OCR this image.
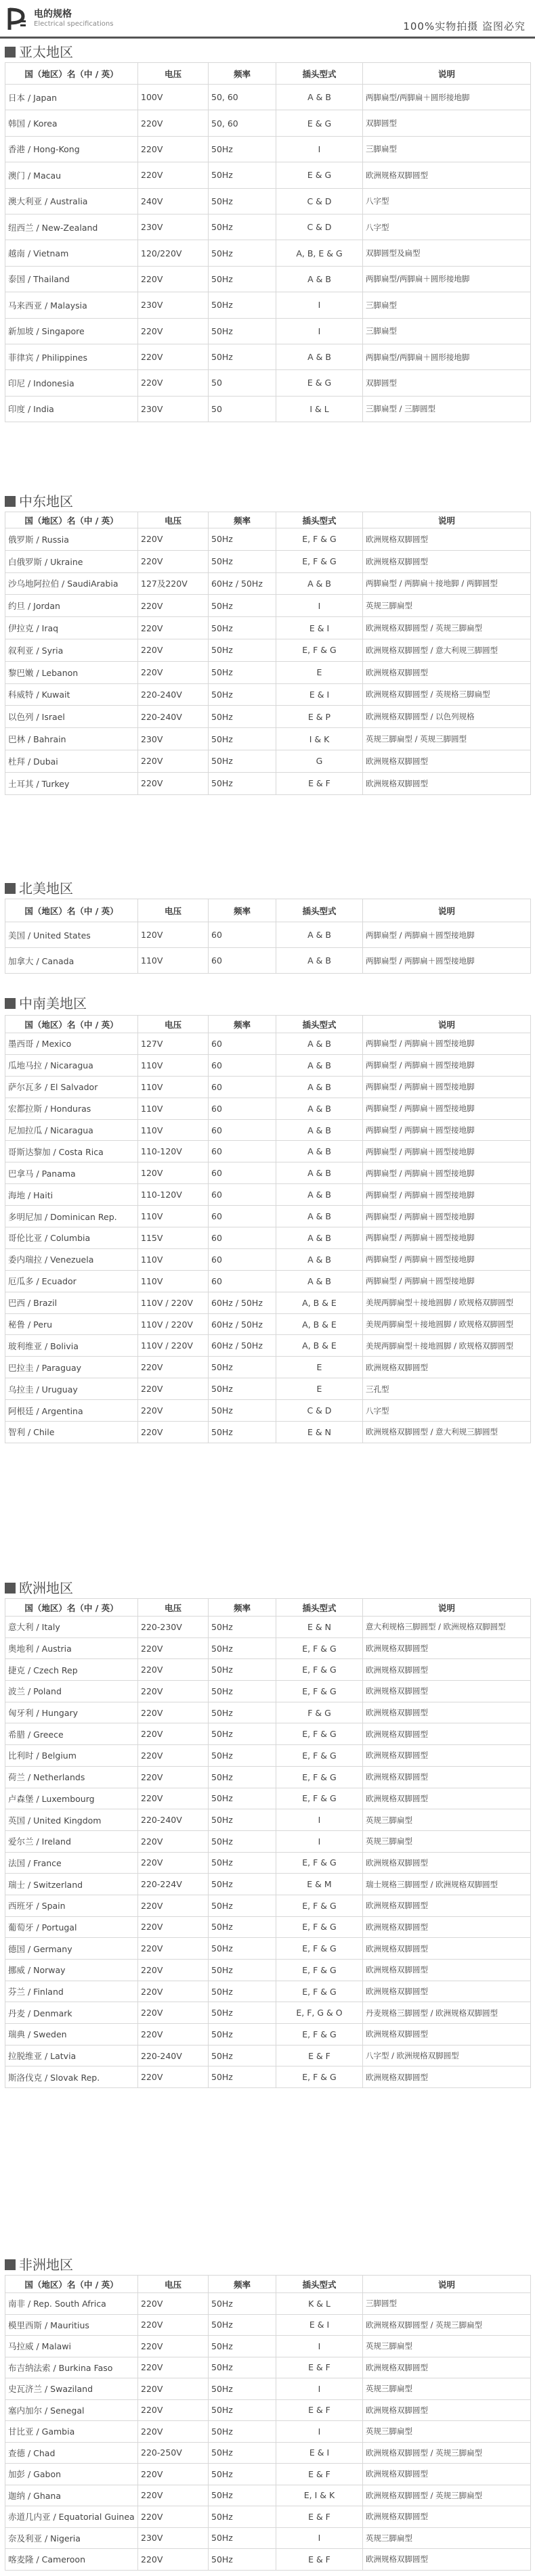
电的规格
Electrical specifications	100%实物拍摄 盗图必究
亚太地区
国（地区）名（中 / 英）	电压	频率	插头型式	说明
日本 / Japan	100V	50, 60	A & B	两脚扁型/两脚扁＋圆形接地脚
韩国 / Korea	220V	50, 60	E & G	双脚圆型
香港 / Hong-Kong	220V	50Hz	I	三脚扁型
澳门 / Macau	220V	50Hz	E & G	欧洲规格双脚圆型
澳大利亚 / Australia	240V	50Hz	C & D	八字型
纽西兰 / New-Zealand	230V	50Hz	C & D	八字型
越南 / Vietnam	120/220V	50Hz	A, B, E & G	双脚圆型及扁型
泰国 / Thailand	220V	50Hz	A & B	两脚扁型/两脚扁＋圆形接地脚
马来西亚 / Malaysia	230V	50Hz	I	三脚扁型
新加坡 / Singapore	220V	50Hz	I	三脚扁型
菲律宾 / Philippines	220V	50Hz	A & B	两脚扁型/两脚扁＋圆形接地脚
印尼 / Indonesia	220V	50	E & G	双脚圆型
印度 / India	230V	50	I & L	三脚扁型 / 三脚圆型
中东地区
国（地区）名（中 / 英）	电压	频率	插头型式	说明
俄罗斯 / Russia	220V	50Hz	E, F & G	欧洲规格双脚圆型
白俄罗斯 / Ukraine	220V	50Hz	E, F & G	欧洲规格双脚圆型
沙乌地阿拉伯 / SaudiArabia	127及220V	60Hz / 50Hz	A & B	两脚扁型 / 两脚扁＋接地脚 / 两脚圆型
约旦 / Jordan	220V	50Hz	I	英规三脚扁型
伊拉克 / Iraq	220V	50Hz	E & I	欧洲规格双脚圆型 / 英规三脚扁型
叙利亚 / Syria	220V	50Hz	E, F & G	欧洲规格双脚圆型 / 意大利规三脚圆型
黎巴嫩 / Lebanon	220V	50Hz	E	欧洲规格双脚圆型
科威特 / Kuwait	220-240V	50Hz	E & I	欧洲规格双脚圆型 / 英规格三脚扁型
以色列 / Israel	220-240V	50Hz	E & P	欧洲规格双脚圆型 / 以色列规格
巴林 / Bahrain	230V	50Hz	I & K	英规三脚扁型 / 英规三脚圆型
杜拜 / Dubai	220V	50Hz	G	欧洲规格双脚圆型
土耳其 / Turkey	220V	50Hz	E & F	欧洲规格双脚圆型
北美地区
国（地区）名（中 / 英）	电压	频率	插头型式	说明
美国 / United States	120V	60	A & B	两脚扁型 / 两脚扁＋圆型接地脚
加拿大 / Canada	110V	60	A & B	两脚扁型 / 两脚扁＋圆型接地脚
中南美地区
国（地区）名（中 / 英）	电压	频率	插头型式	说明
墨西哥 / Mexico	127V	60	A & B	两脚扁型 / 两脚扁＋圆型接地脚
瓜地马拉 / Nicaragua	110V	60	A & B	两脚扁型 / 两脚扁＋圆型接地脚
萨尔瓦多 / El Salvador	110V	60	A & B	两脚扁型 / 两脚扁＋圆型接地脚
宏都拉斯 / Honduras	110V	60	A & B	两脚扁型 / 两脚扁＋圆型接地脚
尼加拉瓜 / Nicaragua	110V	60	A & B	两脚扁型 / 两脚扁＋圆型接地脚
哥斯达黎加 / Costa Rica	110-120V	60	A & B	两脚扁型 / 两脚扁＋圆型接地脚
巴拿马 / Panama	120V	60	A & B	两脚扁型 / 两脚扁＋圆型接地脚
海地 / Haiti	110-120V	60	A & B	两脚扁型 / 两脚扁＋圆型接地脚
多明尼加 / Dominican Rep.	110V	60	A & B	两脚扁型 / 两脚扁＋圆型接地脚
哥伦比亚 / Columbia	115V	60	A & B	两脚扁型 / 两脚扁＋圆型接地脚
委内瑞拉 / Venezuela	110V	60	A & B	两脚扁型 / 两脚扁＋圆型接地脚
厄瓜多 / Ecuador	110V	60	A & B	两脚扁型 / 两脚扁＋圆型接地脚
巴西 / Brazil	110V / 220V	60Hz / 50Hz	A, B & E	美规两脚扁型＋接地圆脚 / 欧规格双脚圆型
秘鲁 / Peru	110V / 220V	60Hz / 50Hz	A, B & E	美规两脚扁型＋接地圆脚 / 欧规格双脚圆型
玻利维亚 / Bolivia	110V / 220V	60Hz / 50Hz	A, B & E	美规两脚扁型＋接地圆脚 / 欧规格双脚圆型
巴拉圭 / Paraguay	220V	50Hz	E	欧洲规格双脚圆型
乌拉圭 / Uruguay	220V	50Hz	E	三孔型
阿根廷 / Argentina	220V	50Hz	C & D	八字型
智利 / Chile	220V	50Hz	E & N	欧洲规格双脚圆型 / 意大利规三脚圆型
欧洲地区
国（地区）名（中 / 英）	电压	频率	插头型式	说明
意大利 / Italy	220-230V	50Hz	E & N	意大利规格三脚圆型 / 欧洲规格双脚圆型
奥地利 / Austria	220V	50Hz	E, F & G	欧洲规格双脚圆型
捷克 / Czech Rep	220V	50Hz	E, F & G	欧洲规格双脚圆型
波兰 / Poland	220V	50Hz	E, F & G	欧洲规格双脚圆型
匈牙利 / Hungary	220V	50Hz	F & G	欧洲规格双脚圆型
希腊 / Greece	220V	50Hz	E, F & G	欧洲规格双脚圆型
比利时 / Belgium	220V	50Hz	E, F & G	欧洲规格双脚圆型
荷兰 / Netherlands	220V	50Hz	E, F & G	欧洲规格双脚圆型
卢森堡 / Luxembourg	220V	50Hz	E, F & G	欧洲规格双脚圆型
英国 / United Kingdom	220-240V	50Hz	I	英规三脚扁型
爱尔兰 / Ireland	220V	50Hz	I	英规三脚扁型
法国 / France	220V	50Hz	E, F & G	欧洲规格双脚圆型
瑞士 / Switzerland	220-224V	50Hz	E & M	瑞士规格三脚圆型 / 欧洲规格双脚圆型
西班牙 / Spain	220V	50Hz	E, F & G	欧洲规格双脚圆型
葡萄牙 / Portugal	220V	50Hz	E, F & G	欧洲规格双脚圆型
德国 / Germany	220V	50Hz	E, F & G	欧洲规格双脚圆型
挪威 / Norway	220V	50Hz	E, F & G	欧洲规格双脚圆型
芬兰 / Finland	220V	50Hz	E, F & G	欧洲规格双脚圆型
丹麦 / Denmark	220V	50Hz	E, F, G & O	丹麦规格三脚圆型 / 欧洲规格双脚圆型
瑞典 / Sweden	220V	50Hz	E, F & G	欧洲规格双脚圆型
拉脱维亚 / Latvia	220-240V	50Hz	E & F	八字型 / 欧洲规格双脚圆型
斯洛伐克 / Slovak Rep.	220V	50Hz	E, F & G	欧洲规格双脚圆型
非洲地区
国（地区）名（中 / 英）	电压	频率	插头型式	说明
南非 / Rep. South Africa	220V	50Hz	K & L	三脚圆型
模里西斯 / Mauritius	220V	50Hz	E & I	欧洲规格双脚圆型 / 英规三脚扁型
马拉威 / Malawi	220V	50Hz	I	英规三脚扁型
布吉纳法索 / Burkina Faso	220V	50Hz	E & F	欧洲规格双脚圆型
史瓦济兰 / Swaziland	220V	50Hz	I	英规三脚扁型
塞内加尔 / Senegal	220V	50Hz	E & F	欧洲规格双脚圆型
甘比亚 / Gambia	220V	50Hz	I	英规三脚扁型
查德 / Chad	220-250V	50Hz	E & I	欧洲规格双脚圆型 / 英规三脚扁型
加彭 / Gabon	220V	50Hz	E & F	欧洲规格双脚圆型
迦纳 / Ghana	220V	50Hz	E, I & K	欧洲规格双脚圆型 / 英规三脚扁型
赤道几内亚 / Equatorial Guinea	220V	50Hz	E & F	欧洲规格双脚圆型
奈及利亚 / Nigeria	230V	50Hz	I	英规三脚扁型
喀麦隆 / Cameroon	220V	50Hz	E & F	欧洲规格双脚圆型
